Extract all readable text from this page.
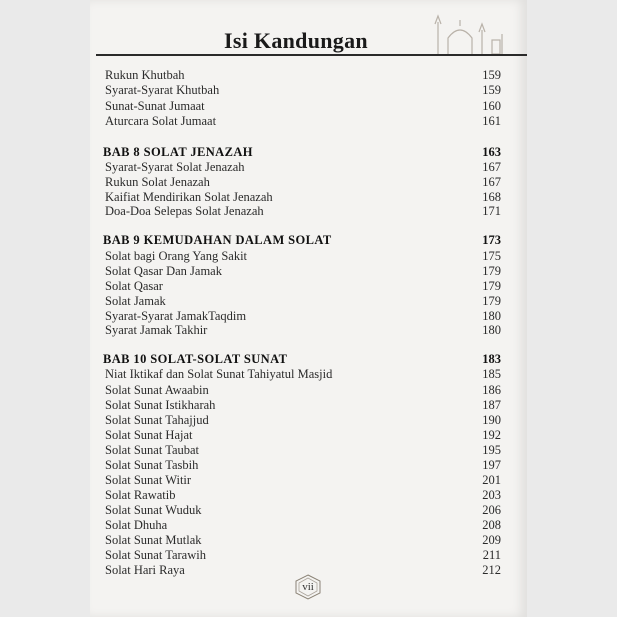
Isi Kandungan
Rukun Khutbah	159
Syarat-Syarat Khutbah	159
Sunat-Sunat Jumaat	160
Aturcara Solat Jumaat	161
BAB 8 SOLAT JENAZAH	163
Syarat-Syarat Solat Jenazah	167
Rukun Solat Jenazah	167
Kaifiat Mendirikan Solat Jenazah	168
Doa-Doa Selepas Solat Jenazah	171
BAB 9 KEMUDAHAN DALAM SOLAT	173
Solat bagi Orang Yang Sakit	175
Solat Qasar Dan Jamak	179
Solat Qasar	179
Solat Jamak	179
Syarat-Syarat JamakTaqdim	180
Syarat Jamak Takhir	180
BAB 10 SOLAT-SOLAT SUNAT	183
Niat Iktikaf dan Solat Sunat Tahiyatul Masjid	185
Solat Sunat Awaabin	186
Solat Sunat Istikharah	187
Solat Sunat Tahajjud	190
Solat Sunat Hajat	192
Solat Sunat Taubat	195
Solat Sunat Tasbih	197
Solat Sunat Witir	201
Solat Rawatib	203
Solat Sunat Wuduk	206
Solat Dhuha	208
Solat Sunat Mutlak	209
Solat Sunat Tarawih	211
Solat Hari Raya	212
vii
